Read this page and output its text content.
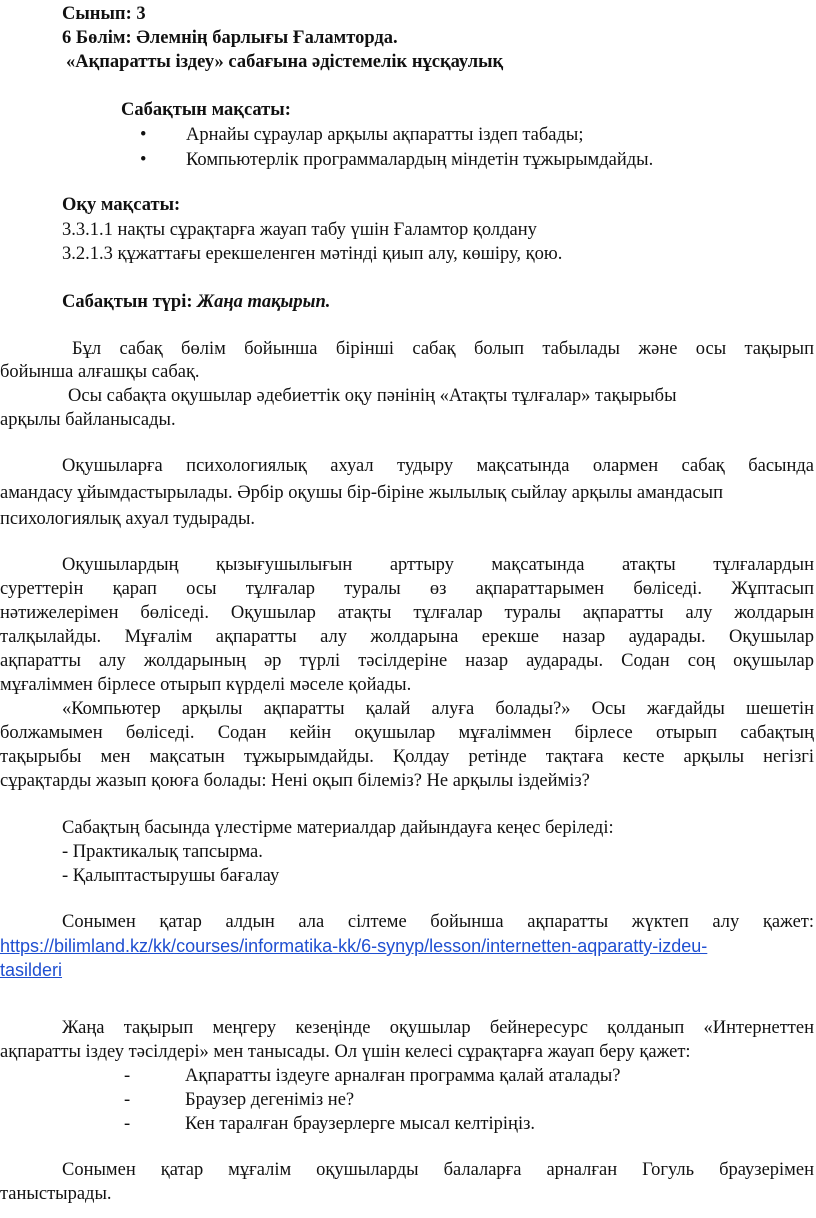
Сынып: 3
6 Бөлім: Әлемнің барлығы Ғаламторда.
«Ақпаратты іздеу» сабағына әдістемелік нұсқаулық
Сабақтын мақсаты:
• Арнайы сұраулар арқылы ақпаратты іздеп табады;
• Компьютерлік программалардың міндетін тұжырымдайды.
Оқу мақсаты:
3.3.1.1 нақты сұрақтарға жауап табу үшін Ғаламтор қолдану
3.2.1.3 құжаттағы ерекшеленген мәтінді қиып алу, көшіру, қою.
Сабақтын түрі: Жаңа тақырып.
Бұл сабақ бөлім бойынша бірінші сабақ болып табылады және осы тақырып
бойынша алғашқы сабақ.
Осы сабақта оқушылар әдебиеттік оқу пәнінің «Атақты тұлғалар» тақырыбы
арқылы байланысады.
Оқушыларға психологиялық ахуал тудыру мақсатында олармен сабақ басында
амандасу ұйымдастырылады. Әрбір оқушы бір-біріне жылылық сыйлау арқылы амандасып
психологиялық ахуал тудырады.
Оқушылардың қызығушылығын арттыру мақсатында атақты тұлғалардын
суреттерін қарап осы тұлғалар туралы өз ақпараттарымен бөліседі. Жұптасып
нәтижелерімен бөліседі. Оқушылар атақты тұлғалар туралы ақпаратты алу жолдарын
талқылайды. Мұғалім ақпаратты алу жолдарына ерекше назар аударады. Оқушылар
ақпаратты алу жолдарының әр түрлі тәсілдеріне назар аударады. Содан соң оқушылар
мұғаліммен бірлесе отырып күрделі мәселе қойады.
«Компьютер арқылы ақпаратты қалай алуға болады?» Осы жағдайды шешетін
болжамымен бөліседі. Содан кейін оқушылар мұғаліммен бірлесе отырып сабақтың
тақырыбы мен мақсатын тұжырымдайды. Қолдау ретінде тақтаға кесте арқылы негізгі
сұрақтарды жазып қоюға болады: Нені оқып білеміз? Не арқылы іздейміз?
Сабақтың басында үлестірме материалдар дайындауға кеңес беріледі:
- Практикалық тапсырма.
- Қалыптастырушы бағалау
Сонымен қатар алдын ала сілтеме бойынша ақпаратты жүктеп алу қажет:
https://bilimland.kz/kk/courses/informatika-kk/6-synyp/lesson/internetten-aqparatty-izdeu-
tasilderi
Жаңа тақырып меңгеру кезеңінде оқушылар бейнересурс қолданып «Интернеттен
ақпаратты іздеу тәсілдері» мен танысады. Ол үшін келесі сұрақтарға жауап беру қажет:
-	Ақпаратты іздеуге арналған программа қалай аталады?
-	Браузер дегеніміз не?
-	Кен таралған браузерлерге мысал келтіріңіз.
Сонымен қатар мұғалім оқушыларды балаларға арналған Гогуль браузерімен
таныстырады.
